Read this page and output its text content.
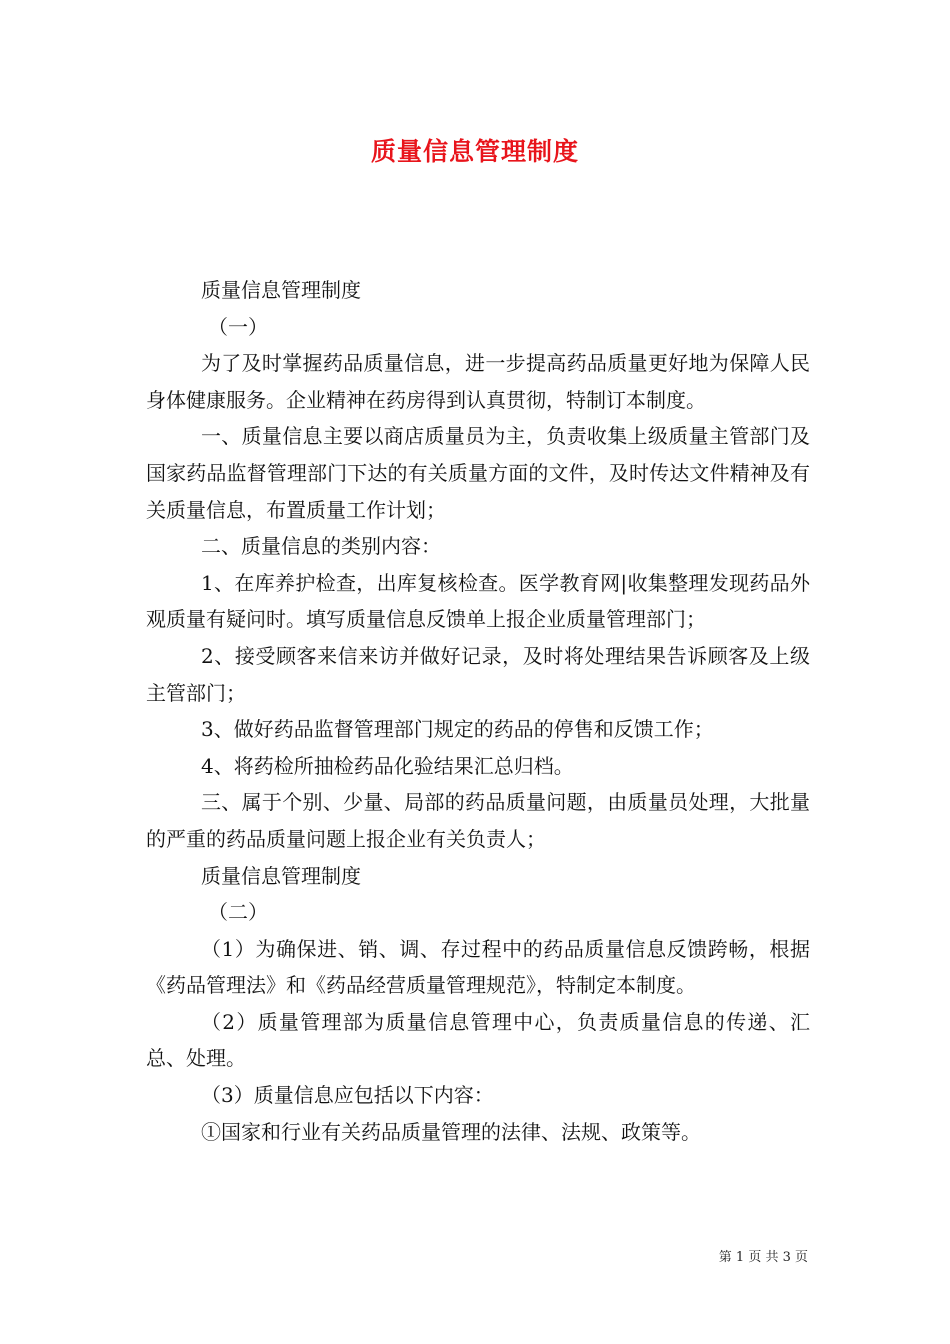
质量信息管理制度

质量信息管理制度

（一）

为了及时掌握药品质量信息，进一步提高药品质量更好地为保障人民身体健康服务。企业精神在药房得到认真贯彻，特制订本制度。

一、质量信息主要以商店质量员为主，负责收集上级质量主管部门及国家药品监督管理部门下达的有关质量方面的文件，及时传达文件精神及有关质量信息，布置质量工作计划；

二、质量信息的类别内容：

1、在库养护检查，出库复核检查。医学教育网|收集整理发现药品外观质量有疑问时。填写质量信息反馈单上报企业质量管理部门；

2、接受顾客来信来访并做好记录，及时将处理结果告诉顾客及上级主管部门；

3、做好药品监督管理部门规定的药品的停售和反馈工作；

4、将药检所抽检药品化验结果汇总归档。

三、属于个别、少量、局部的药品质量问题，由质量员处理，大批量的严重的药品质量问题上报企业有关负责人；

质量信息管理制度

（二）

（1）为确保进、销、调、存过程中的药品质量信息反馈跨畅，根据《药品管理法》和《药品经营质量管理规范》，特制定本制度。

（2）质量管理部为质量信息管理中心，负责质量信息的传递、汇总、处理。

（3）质量信息应包括以下内容：

①国家和行业有关药品质量管理的法律、法规、政策等。

第 1 页 共 3 页
